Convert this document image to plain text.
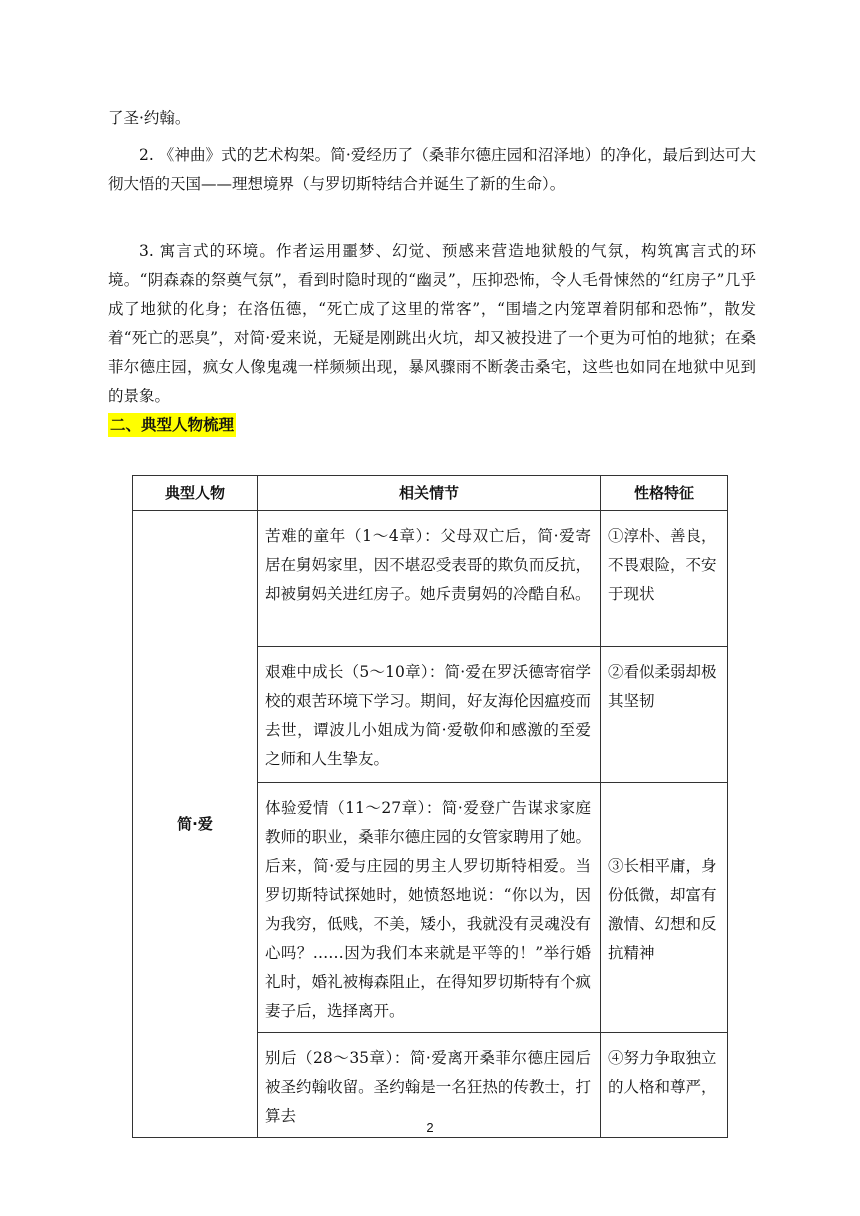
了圣·约翰。

2. 《神曲》式的艺术构架。简·爱经历了（桑菲尔德庄园和沼泽地）的净化，最后到达可大彻大悟的天国——理想境界（与罗切斯特结合并诞生了新的生命）。

3. 寓言式的环境。作者运用噩梦、幻觉、预感来营造地狱般的气氛，构筑寓言式的环境。“阴森森的祭奠气氛”，看到时隐时现的“幽灵”，压抑恐怖，令人毛骨悚然的“红房子”几乎成了地狱的化身；在洛伍德，“死亡成了这里的常客”，“围墙之内笼罩着阴郁和恐怖”，散发着“死亡的恶臭”，对简·爱来说，无疑是刚跳出火坑，却又被投进了一个更为可怕的地狱；在桑菲尔德庄园，疯女人像鬼魂一样频频出现，暴风骤雨不断袭击桑宅，这些也如同在地狱中见到的景象。

二、典型人物梳理
典型人物	相关情节	性格特征
简·爱	苦难的童年（1～4章）：父母双亡后，简·爱寄居在舅妈家里，因不堪忍受表哥的欺负而反抗，却被舅妈关进红房子。她斥责舅妈的冷酷自私。	①淳朴、善良，不畏艰险，不安于现状
	艰难中成长（5～10章）：简·爱在罗沃德寄宿学校的艰苦环境下学习。期间，好友海伦因瘟疫而去世，谭波儿小姐成为简·爱敬仰和感激的至爱之师和人生挚友。	②看似柔弱却极其坚韧
	体验爱情（11～27章）：简·爱登广告谋求家庭教师的职业，桑菲尔德庄园的女管家聘用了她。后来，简·爱与庄园的男主人罗切斯特相爱。当罗切斯特试探她时，她愤怒地说：“你以为，因为我穷，低贱，不美，矮小，我就没有灵魂没有心吗？……因为我们本来就是平等的！”举行婚礼时，婚礼被梅森阻止，在得知罗切斯特有个疯妻子后，选择离开。	③长相平庸，身份低微，却富有激情、幻想和反抗精神
	别后（28～35章）：简·爱离开桑菲尔德庄园后被圣约翰收留。圣约翰是一名狂热的传教士，打算去	④努力争取独立的人格和尊严，
2
